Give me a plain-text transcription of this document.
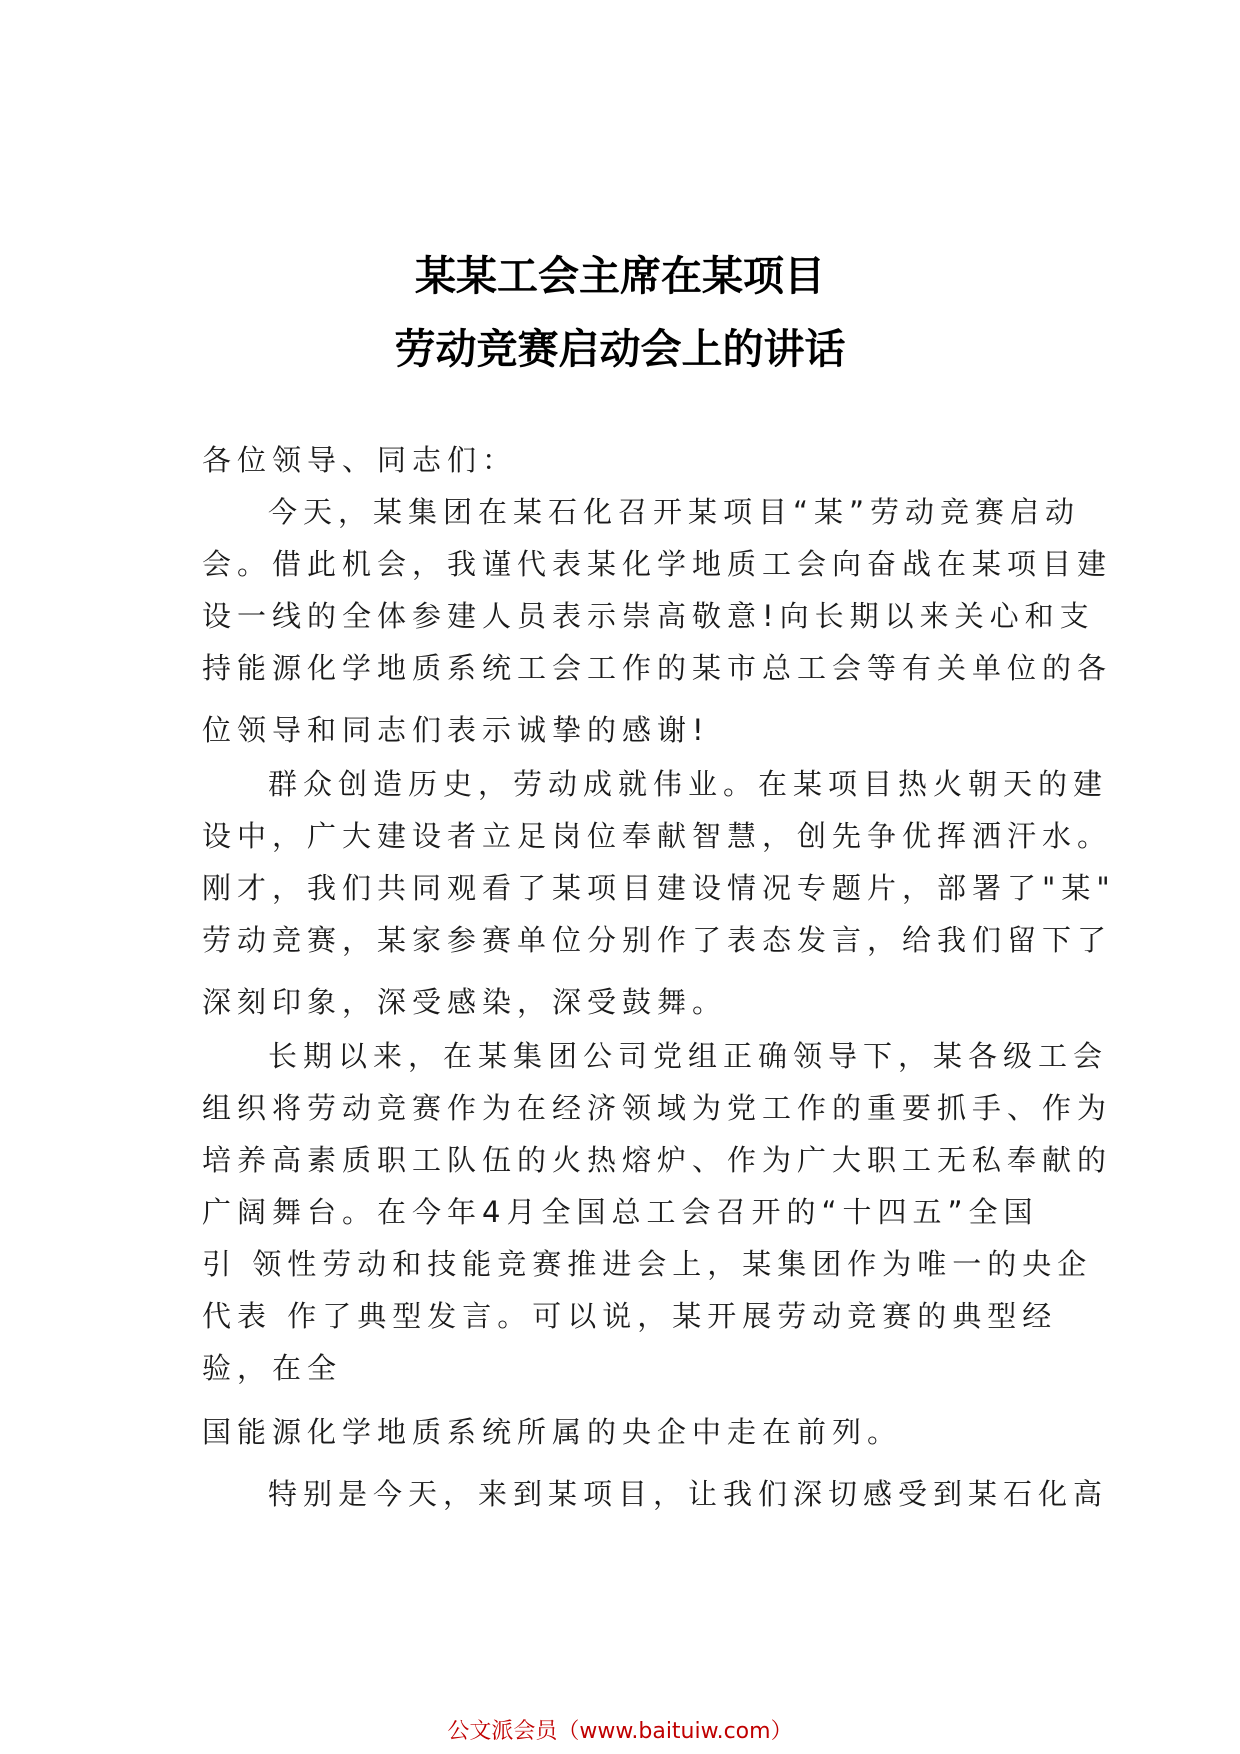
某某工会主席在某项目
劳动竞赛启动会上的讲话
各位领导、同志们：
今天，某集团在某石化召开某项目“某”劳动竞赛启动
会。借此机会，我谨代表某化学地质工会向奋战在某项目建
设一线的全体参建人员表示崇高敬意!向长期以来关心和支
持能源化学地质系统工会工作的某市总工会等有关单位的各
位领导和同志们表示诚挚的感谢!
群众创造历史，劳动成就伟业。在某项目热火朝天的建
设中，广大建设者立足岗位奉献智慧，创先争优挥洒汗水。
刚才，我们共同观看了某项目建设情况专题片，部署了"某"
劳动竞赛，某家参赛单位分别作了表态发言，给我们留下了
深刻印象，深受感染，深受鼓舞。
长期以来，在某集团公司党组正确领导下，某各级工会
组织将劳动竞赛作为在经济领域为党工作的重要抓手、作为
培养高素质职工队伍的火热熔炉、作为广大职工无私奉献的
广阔舞台。在今年4月全国总工会召开的“十四五”全国
引 领性劳动和技能竞赛推进会上，某集团作为唯一的央企
代表 作了典型发言。可以说，某开展劳动竞赛的典型经
验，在全
国能源化学地质系统所属的央企中走在前列。
特别是今天，来到某项目，让我们深切感受到某石化高
公文派会员（www.baituiw.com）
